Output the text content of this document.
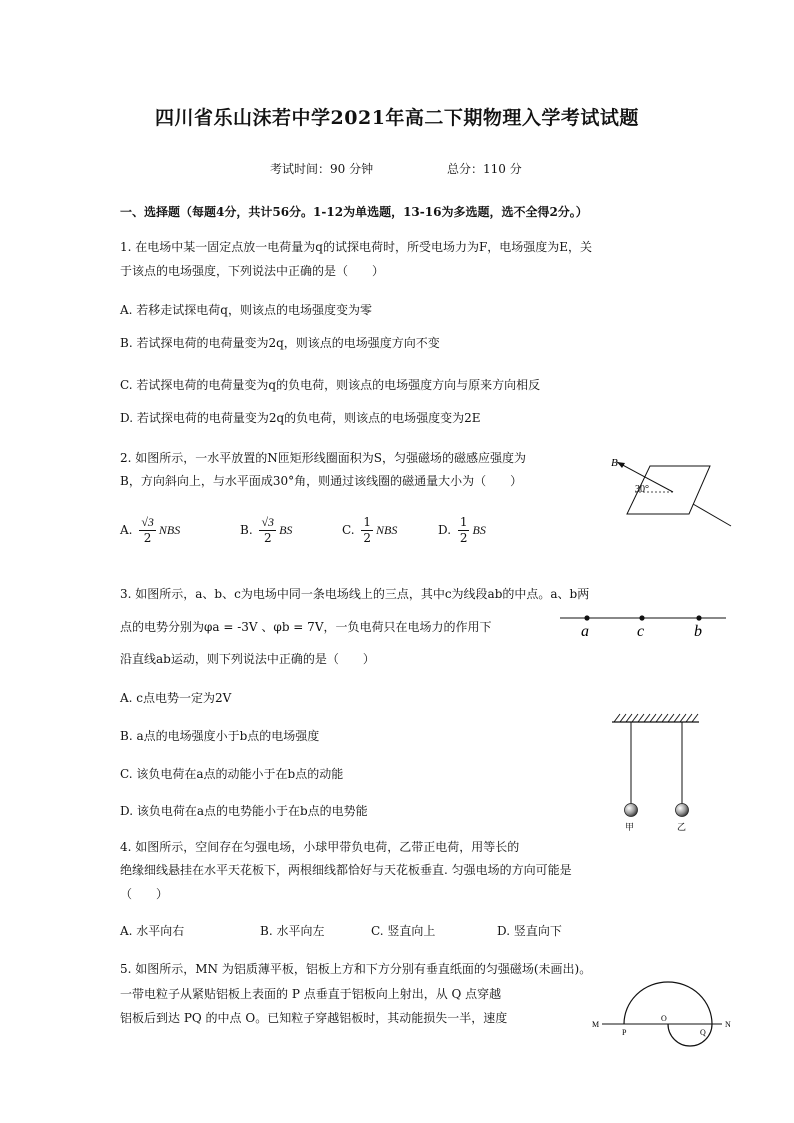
四川省乐山沫若中学2021年高二下期物理入学考试试题
考试时间：90 分钟	总分：110 分
一、选择题（每题4分，共计56分。1-12为单选题，13-16为多选题，选不全得2分。）
1. 在电场中某一固定点放一电荷量为q的试探电荷时，所受电场力为F，电场强度为E，关
于该点的电场强度，下列说法中正确的是（　　）
A. 若移走试探电荷q，则该点的电场强度变为零
B. 若试探电荷的电荷量变为2q，则该点的电场强度方向不变
C. 若试探电荷的电荷量变为q的负电荷，则该点的电场强度方向与原来方向相反
D. 若试探电荷的电荷量变为2q的负电荷，则该点的电场强度变为2E
2. 如图所示，一水平放置的N匝矩形线圈面积为S，匀强磁场的磁感应强度为
B，方向斜向上，与水平面成30°角，则通过该线圈的磁通量大小为（　　）
B
30°
A. $\frac{√3}{2}$ NBS	B. $\frac{√3}{2}$ BS	C. $\frac{1}{2}$ NBS	D. $\frac{1}{2}$ BS
3. 如图所示，a、b、c为电场中同一条电场线上的三点，其中c为线段ab的中点。a、b两
点的电势分别为φa = -3V 、φb = 7V，一负电荷只在电场力的作用下
沿直线ab运动，则下列说法中正确的是（　　）
a	c	b
A. c点电势一定为2V
B. a点的电场强度小于b点的电场强度
C. 该负电荷在a点的动能小于在b点的动能
D. 该负电荷在a点的电势能小于在b点的电势能
甲	乙
4. 如图所示，空间存在匀强电场，小球甲带负电荷，乙带正电荷，用等长的
绝缘细线悬挂在水平天花板下，两根细线都恰好与天花板垂直. 匀强电场的方向可能是
（　　）
A. 水平向右	B. 水平向左	C. 竖直向上	D. 竖直向下
5. 如图所示，MN 为铝质薄平板，铝板上方和下方分别有垂直纸面的匀强磁场(未画出)。
一带电粒子从紧贴铝板上表面的 P 点垂直于铝板向上射出，从 Q 点穿越
铝板后到达 PQ 的中点 O。已知粒子穿越铝板时，其动能损失一半，速度	M
P
O
Q
N
